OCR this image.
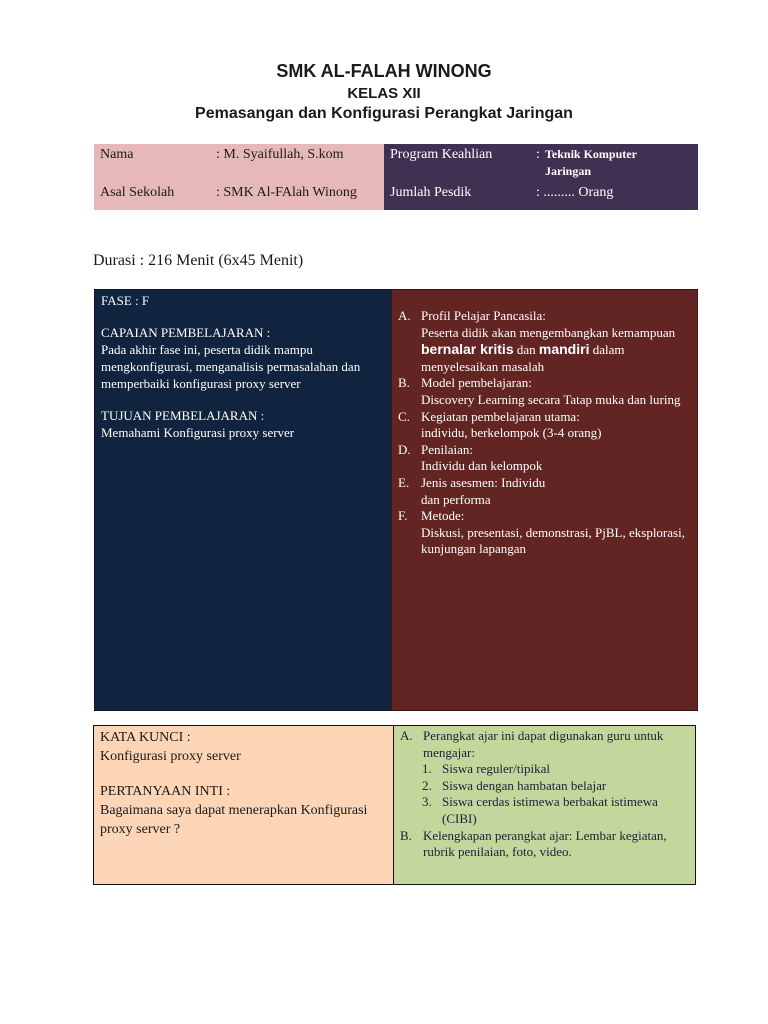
SMK AL-FALAH WINONG
KELAS XII
Pemasangan dan Konfigurasi Perangkat Jaringan
Nama	: M. Syaifullah, S.kom
Asal Sekolah	: SMK Al-FAlah Winong
Program Keahlian	: Teknik Komputer
Jaringan
Jumlah Pesdik	: ......... Orang
Durasi : 216 Menit (6x45 Menit)
FASE : F
CAPAIAN PEMBELAJARAN :
Pada akhir fase ini, peserta didik mampu mengkonfigurasi, menganalisis permasalahan dan memperbaiki konfigurasi proxy server
TUJUAN PEMBELAJARAN :
Memahami Konfigurasi proxy server
A. Profil Pelajar Pancasila:
Peserta didik akan mengembangkan kemampuan bernalar kritis dan mandiri dalam menyelesaikan masalah
B. Model pembelajaran:
Discovery Learning secara Tatap muka dan luring
C. Kegiatan pembelajaran utama:
individu, berkelompok (3-4 orang)
D. Penilaian:
Individu dan kelompok
E. Jenis asesmen: Individu
dan performa
F.	Metode:
Diskusi, presentasi, demonstrasi, PjBL, eksplorasi, kunjungan lapangan
KATA KUNCI :
Konfigurasi proxy server
PERTANYAAN INTI :
Bagaimana saya dapat menerapkan Konfigurasi proxy server ?
A. Perangkat ajar ini dapat digunakan guru untuk mengajar:
1. Siswa reguler/tipikal
2. Siswa dengan hambatan belajar
3. Siswa cerdas istimewa berbakat istimewa (CIBI)
B. Kelengkapan perangkat ajar: Lembar kegiatan, rubrik penilaian, foto, video.
